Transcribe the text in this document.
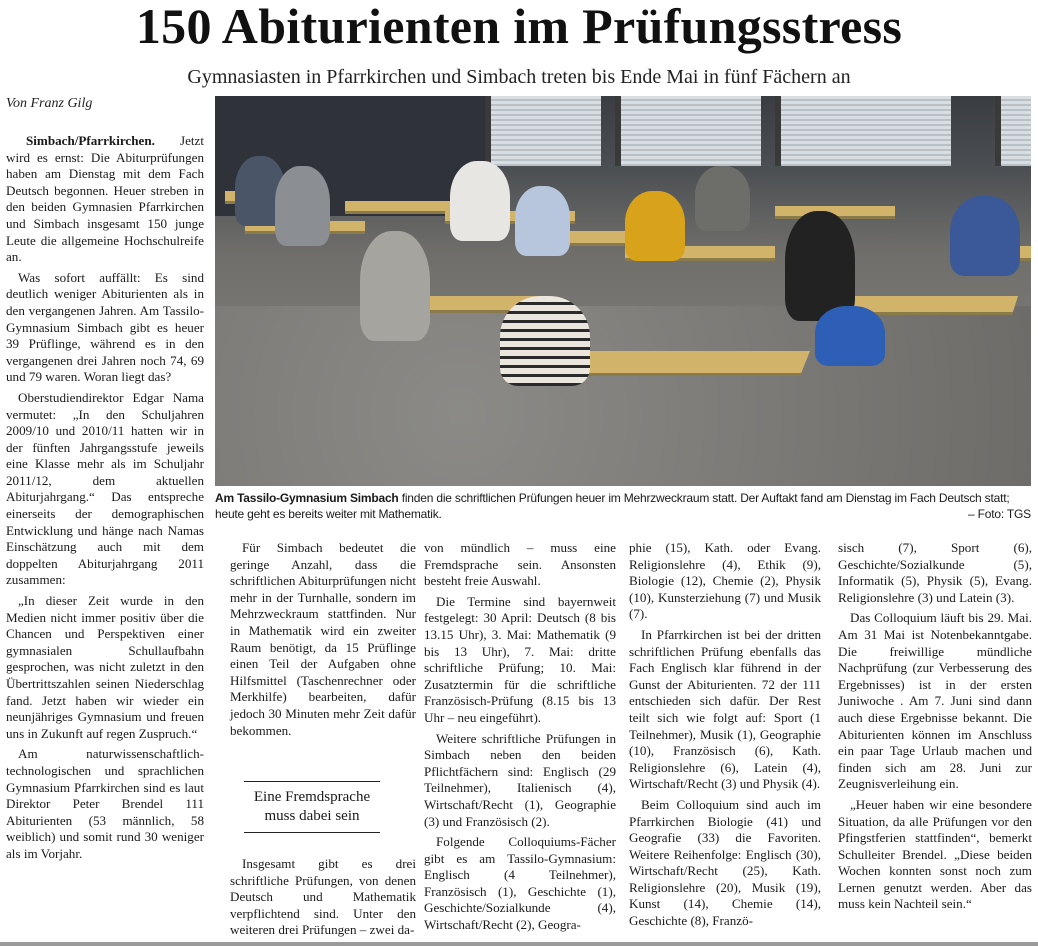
150 Abiturienten im Prüfungsstress
Gymnasiasten in Pfarrkirchen und Simbach treten bis Ende Mai in fünf Fächern an
Von Franz Gilg

Simbach/Pfarrkirchen. Jetzt wird es ernst: Die Abiturprüfungen haben am Dienstag mit dem Fach Deutsch begonnen. Heuer streben in den beiden Gymnasien Pfarrkirchen und Simbach insgesamt 150 junge Leute die allgemeine Hochschulreife an.

Was sofort auffällt: Es sind deutlich weniger Abiturienten als in den vergangenen Jahren. Am Tassilo-Gymnasium Simbach gibt es heuer 39 Prüflinge, während es in den vergangenen drei Jahren noch 74, 69 und 79 waren. Woran liegt das?

Oberstudiendirektor Edgar Nama vermutet: „In den Schuljahren 2009/10 und 2010/11 hatten wir in der fünften Jahrgangsstufe jeweils eine Klasse mehr als im Schuljahr 2011/12, dem aktuellen Abiturjahrgang.“ Das entspreche einerseits der demographischen Entwicklung und hänge nach Namas Einschätzung auch mit dem doppelten Abiturjahrgang 2011 zusammen:

„In dieser Zeit wurde in den Medien nicht immer positiv über die Chancen und Perspektiven einer gymnasialen Schullaufbahn gesprochen, was nicht zuletzt in den Übertrittszahlen seinen Niederschlag fand. Jetzt haben wir wieder ein neunjähriges Gymnasium und freuen uns in Zukunft auf regen Zuspruch.“

Am naturwissenschaftlich-technologischen und sprachlichen Gymnasium Pfarrkirchen sind es laut Direktor Peter Brendel 111 Abiturienten (53 männlich, 58 weiblich) und somit rund 30 weniger als im Vorjahr.

Am Tassilo-Gymnasium Simbach finden die schriftlichen Prüfungen heuer im Mehrzweckraum statt. Der Auftakt fand am Dienstag im Fach Deutsch statt; heute geht es bereits weiter mit Mathematik.	– Foto: TGS

Für Simbach bedeutet die geringe Anzahl, dass die schriftlichen Abiturprüfungen nicht mehr in der Turnhalle, sondern im Mehrzweckraum stattfinden. Nur in Mathematik wird ein zweiter Raum benötigt, da 15 Prüflinge einen Teil der Aufgaben ohne Hilfsmittel (Taschenrechner oder Merkhilfe) bearbeiten, dafür jedoch 30 Minuten mehr Zeit dafür bekommen.

Eine Fremdsprache muss dabei sein

Insgesamt gibt es drei schriftliche Prüfungen, von denen Deutsch und Mathematik verpflichtend sind. Unter den weiteren drei Prüfungen – zwei da-

von mündlich – muss eine Fremdsprache sein. Ansonsten besteht freie Auswahl.

Die Termine sind bayernweit festgelegt: 30 April: Deutsch (8 bis 13.15 Uhr), 3. Mai: Mathematik (9 bis 13 Uhr), 7. Mai: dritte schriftliche Prüfung; 10. Mai: Zusatztermin für die schriftliche Französisch-Prüfung (8.15 bis 13 Uhr – neu eingeführt).

Weitere schriftliche Prüfungen in Simbach neben den beiden Pflichtfächern sind: Englisch (29 Teilnehmer), Italienisch (4), Wirtschaft/Recht (1), Geographie (3) und Französisch (2).

Folgende Colloquiums-Fächer gibt es am Tassilo-Gymnasium: Englisch (4 Teilnehmer), Französisch (1), Geschichte (1), Geschichte/Sozialkunde (4), Wirtschaft/Recht (2), Geogra-

phie (15), Kath. oder Evang. Religionslehre (4), Ethik (9), Biologie (12), Chemie (2), Physik (10), Kunsterziehung (7) und Musik (7).

In Pfarrkirchen ist bei der dritten schriftlichen Prüfung ebenfalls das Fach Englisch klar führend in der Gunst der Abiturienten. 72 der 111 entschieden sich dafür. Der Rest teilt sich wie folgt auf: Sport (1 Teilnehmer), Musik (1), Geographie (10), Französisch (6), Kath. Religionslehre (6), Latein (4), Wirtschaft/Recht (3) und Physik (4).

Beim Colloquium sind auch im Pfarrkirchen Biologie (41) und Geografie (33) die Favoriten. Weitere Reihenfolge: Englisch (30), Wirtschaft/Recht (25), Kath. Religionslehre (20), Musik (19), Kunst (14), Chemie (14), Geschichte (8), Franzö-

sisch (7), Sport (6), Geschichte/Sozialkunde (5), Informatik (5), Physik (5), Evang. Religionslehre (3) und Latein (3).

Das Colloquium läuft bis 29. Mai. Am 31 Mai ist Notenbekanntgabe. Die freiwillige mündliche Nachprüfung (zur Verbesserung des Ergebnisses) ist in der ersten Juniwoche . Am 7. Juni sind dann auch diese Ergebnisse bekannt. Die Abiturienten können im Anschluss ein paar Tage Urlaub machen und finden sich am 28. Juni zur Zeugnisverleihung ein.

„Heuer haben wir eine besondere Situation, da alle Prüfungen vor den Pfingstferien stattfinden“, bemerkt Schulleiter Brendel. „Diese beiden Wochen konnten sonst noch zum Lernen genutzt werden. Aber das muss kein Nachteil sein.“
